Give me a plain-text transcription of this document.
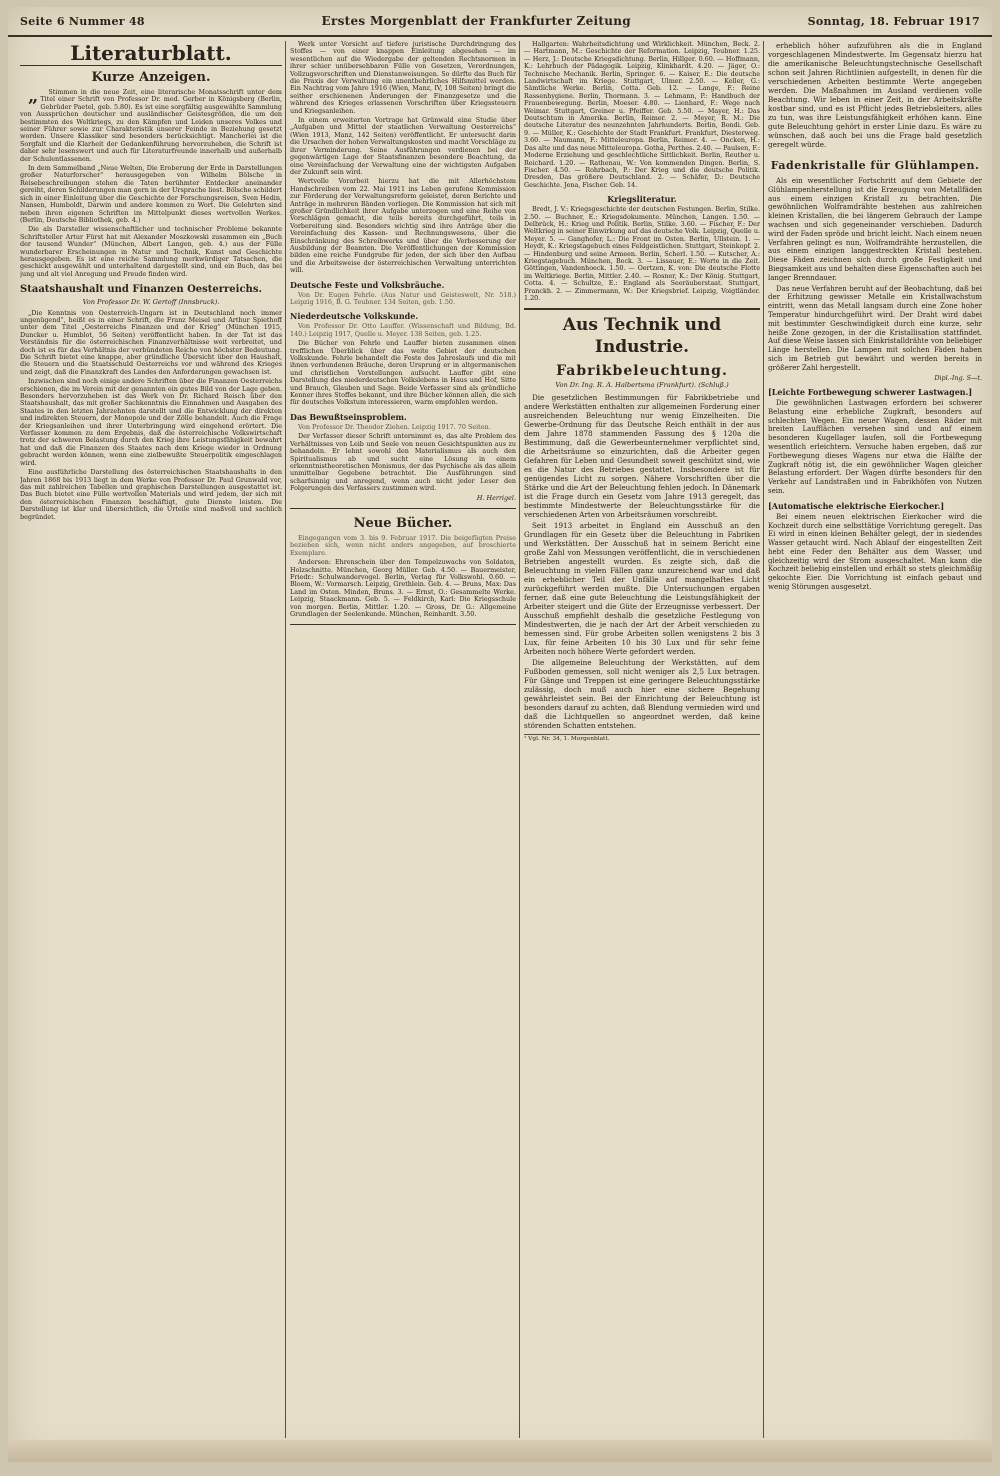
Seite 6 Nummer 48	Erstes Morgenblatt der Frankfurter Zeitung	Sonntag, 18. Februar 1917
Literaturblatt.
Kurze Anzeigen.

„ Stimmen in die neue Zeit, eine literarische Monatsschrift unter dem Titel einer Schrift von Professor Dr. med. Gerber in Königsberg (Berlin, Gebrüder Paetel, geb. 5.80). Es ist eine sorgfältig ausgewählte Sammlung von Aussprüchen deutscher und ausländischer Geistesgrößen, die um den bestimmten des Weltkriegs, zu den Kämpfen und Leiden unseres Volkes und seiner Führer sowie zur Charakteristik unserer Feinde in Beziehung gesetzt worden. Unsere Klassiker sind besonders berücksichtigt. Mancherlei ist die Sorgfalt und die Klarheit der Gedankenführung hervorzuheben, die Schrift ist daher sehr lesenswert und auch für Literaturfreunde innerhalb und außerhalb der Schulentlassenen.

In dem Sammelband „Neue Welten, Die Eroberung der Erde in Darstellungen großer Naturforscher“ herausgegeben von Wilhelm Bölsche in Reisebeschreibungen stehen die Taten berühmter Entdecker aneinander gereiht, deren Schilderungen man gern in der Ursprache liest. Bölsche schildert sich in einer Einleitung über die Geschichte der Forschungsreisen, Sven Hedin, Nansen, Humboldt, Darwin und andere kommen zu Wort. Die Gelehrten sind neben ihren eigenen Schriften im Mittelpunkt dieses wertvollen Werkes. (Berlin, Deutsche Bibliothek, geb. 4.)

Die als Darsteller wissenschaftlicher und technischer Probleme bekannte Schriftsteller Artur Fürst hat mit Alexander Moszkowski zusammen ein „Buch der tausend Wunder“ (München, Albert Langen, geb. 4.) aus der Fülle wunderbarer Erscheinungen in Natur und Technik, Kunst und Geschichte herausgegeben. Es ist eine reiche Sammlung merkwürdiger Tatsachen, die geschickt ausgewählt und unterhaltend dargestellt sind, und ein Buch, das bei jung und alt viel Anregung und Freude finden wird.

Staatshaushalt und Finanzen Oesterreichs.
Von Professor Dr. W. Gertoff (Innsbruck).

„Die Kenntnis von Oesterreich-Ungarn ist in Deutschland noch immer ungenügend“, heißt es in einer Schrift, die Franz Meisel und Arthur Spiethoff unter dem Titel „Oesterreichs Finanzen und der Krieg“ (München 1915, Duncker u. Humblot, 56 Seiten) veröffentlicht haben. In der Tat ist das Verständnis für die österreichischen Finanzverhältnisse weit verbreitet, und doch ist es für das Verhältnis der verbündeten Reiche von höchster Bedeutung. Die Schrift bietet eine knappe, aber gründliche Übersicht über den Haushalt, die Steuern und die Staatsschuld Oesterreichs vor und während des Krieges und zeigt, daß die Finanzkraft des Landes den Anforderungen gewachsen ist.

Inzwischen sind noch einige andere Schriften über die Finanzen Oesterreichs erschienen, die im Verein mit der genannten ein gutes Bild von der Lage geben. Besonders hervorzuheben ist das Werk von Dr. Richard Reisch über den Staatshaushalt, das mit großer Sachkenntnis die Einnahmen und Ausgaben des Staates in den letzten Jahrzehnten darstellt und die Entwicklung der direkten und indirekten Steuern, der Monopole und der Zölle behandelt. Auch die Frage der Kriegsanleihen und ihrer Unterbringung wird eingehend erörtert. Die Verfasser kommen zu dem Ergebnis, daß die österreichische Volkswirtschaft trotz der schweren Belastung durch den Krieg ihre Leistungsfähigkeit bewahrt hat und daß die Finanzen des Staates nach dem Kriege wieder in Ordnung gebracht werden können, wenn eine zielbewußte Steuerpolitik eingeschlagen wird.

Eine ausführliche Darstellung des österreichischen Staatshaushalts in den Jahren 1868 bis 1913 liegt in dem Werke von Professor Dr. Paul Grunwald vor, das mit zahlreichen Tabellen und graphischen Darstellungen ausgestattet ist. Das Buch bietet eine Fülle wertvollen Materials und wird jedem, der sich mit den österreichischen Finanzen beschäftigt, gute Dienste leisten. Die Darstellung ist klar und übersichtlich, die Urteile sind maßvoll und sachlich begründet.

Werk unter Vorsicht auf tiefere juristische Durchdringung des Stoffes — von einer knappen Einleitung abgesehen — im wesentlichen auf die Wiedergabe der geltenden Rechtsnormen in ihrer schier unübersehbaren Fülle von Gesetzen, Verordnungen, Vollzugsvorschriften und Dienstanweisungen. So dürfte das Buch für die Praxis der Verwaltung ein unentbehrliches Hilfsmittel werden. Ein Nachtrag vom Jahre 1916 (Wien, Manz, IV, 108 Seiten) bringt die seither erschienenen Änderungen der Finanzgesetze und die während des Krieges erlassenen Vorschriften über Kriegssteuern und Kriegsanleihen.

In einem erweiterten Vortrage hat Grünwald eine Studie über „Aufgaben und Mittel der staatlichen Verwaltung Oesterreichs“ (Wien 1913, Manz, 142 Seiten) veröffentlicht. Er untersucht darin die Ursachen der hohen Verwaltungskosten und macht Vorschläge zu ihrer Verminderung. Seine Ausführungen verdienen bei der gegenwärtigen Lage der Staatsfinanzen besondere Beachtung, da eine Vereinfachung der Verwaltung eine der wichtigsten Aufgaben der Zukunft sein wird.

Wertvolle Vorarbeit hierzu hat die mit Allerhöchstem Handschreiben vom 22. Mai 1911 ins Leben gerufene Kommission zur Förderung der Verwaltungsreform geleistet, deren Berichte und Anträge in mehreren Bänden vorliegen. Die Kommission hat sich mit großer Gründlichkeit ihrer Aufgabe unterzogen und eine Reihe von Vorschlägen gemacht, die teils bereits durchgeführt, teils in Vorbereitung sind. Besonders wichtig sind ihre Anträge über die Vereinfachung des Kassen- und Rechnungswesens, über die Einschränkung des Schreibwerks und über die Verbesserung der Ausbildung der Beamten. Die Veröffentlichungen der Kommission bilden eine reiche Fundgrube für jeden, der sich über den Aufbau und die Arbeitsweise der österreichischen Verwaltung unterrichten will.

Deutsche Feste und Volksbräuche.

Von Dr. Eugen Fehrle. (Aus Natur und Geisteswelt, Nr. 518.) Leipzig 1916, B. G. Teubner. 134 Seiten, geb. 1.50.

Niederdeutsche Volkskunde.

Von Professor Dr. Otto Lauffer. (Wissenschaft und Bildung, Bd. 140.) Leipzig 1917, Quelle u. Meyer. 138 Seiten, geb. 1.25.

Die Bücher von Fehrle und Lauffer bieten zusammen einen trefflichen Überblick über das weite Gebiet der deutschen Volkskunde. Fehrle behandelt die Feste des Jahreslaufs und die mit ihnen verbundenen Bräuche, deren Ursprung er in altgermanischen und christlichen Vorstellungen aufsucht. Lauffer gibt eine Darstellung des niederdeutschen Volkslebens in Haus und Hof, Sitte und Brauch, Glauben und Sage. Beide Verfasser sind als gründliche Kenner ihres Stoffes bekannt, und ihre Bücher können allen, die sich für deutsches Volkstum interessieren, warm empfohlen werden.

Das Bewußtseinsproblem.

Von Professor Dr. Theodor Ziehen. Leipzig 1917. 70 Seiten.

Der Verfasser dieser Schrift unternimmt es, das alte Problem des Verhältnisses von Leib und Seele von neuen Gesichtspunkten aus zu behandeln. Er lehnt sowohl den Materialismus als auch den Spiritualismus ab und sucht eine Lösung in einem erkenntnistheoretischen Monismus, der das Psychische als das allein unmittelbar Gegebene betrachtet. Die Ausführungen sind scharfsinnig und anregend, wenn auch nicht jeder Leser den Folgerungen des Verfassers zustimmen wird.

H. Herrigel.
Neue Bücher.

Eingegangen vom 3. bis 9. Februar 1917. Die beigefügten Preise beziehen sich, wenn nicht anders angegeben, auf broschierte Exemplare.

Andersen: Ehrenschein über den Tempelzuwachs von Soldaten, Holzschnitte. München, Georg Müller. Geb. 4.50. — Bauermeister, Friedr.: Schulwandervogel. Berlin, Verlag für Volkswohl. 0.60. — Bloem, W.: Vormarsch. Leipzig, Grethlein. Geb. 4. — Bruns, Max: Das Land im Osten. Minden, Bruns. 3. — Ernst, O.: Gesammelte Werke. Leipzig, Staackmann. Geb. 5. — Feldkirch, Karl: Die Kriegsschule von morgen. Berlin, Mittler. 1.20. — Gross, Dr. G.: Allgemeine Grundlagen der Seelenkunde. München, Reinhardt. 3.50.

Hallgarten: Wahrheitsdichtung und Wirklichkeit. München, Beck. 2. — Hartmann, M.: Geschichte der Reformation. Leipzig, Teubner. 1.25. — Herz, J.: Deutsche Kriegsdichtung. Berlin, Hillger. 0.60. — Hoffmann, K.: Lehrbuch der Pädagogik. Leipzig, Klinkhardt. 4.20. — Jäger, O.: Technische Mechanik. Berlin, Springer. 6. — Kaiser, E.: Die deutsche Landwirtschaft im Kriege. Stuttgart, Ulmer. 2.50. — Keller, G.: Sämtliche Werke. Berlin, Cotta. Geb. 12. — Lange, F.: Reine Rassenhygiene. Berlin, Thormann. 3. — Lehmann, P.: Handbuch der Frauenbewegung. Berlin, Moeser. 4.80. — Lienhard, F.: Wege nach Weimar. Stuttgart, Greiner u. Pfeiffer. Geb. 5.50. — Mayer, H.: Das Deutschtum in Amerika. Berlin, Reimer. 2. — Meyer, R. M.: Die deutsche Literatur des neunzehnten Jahrhunderts. Berlin, Bondi. Geb. 9. — Müller, K.: Geschichte der Stadt Frankfurt. Frankfurt, Diesterweg. 3.60. — Naumann, F.: Mitteleuropa. Berlin, Reimer. 4. — Oncken, H.: Das alte und das neue Mitteleuropa. Gotha, Perthes. 2.40. — Paulsen, F.: Moderne Erziehung und geschlechtliche Sittlichkeit. Berlin, Reuther u. Reichard. 1.20. — Rathenau, W.: Von kommenden Dingen. Berlin, S. Fischer. 4.50. — Rohrbach, P.: Der Krieg und die deutsche Politik. Dresden, Das größere Deutschland. 2. — Schäfer, D.: Deutsche Geschichte. Jena, Fischer. Geb. 14.

Kriegsliteratur.

Bredt, J. V.: Kriegsgeschichte der deutschen Festungen. Berlin, Stilke. 2.50. — Buchner, E.: Kriegsdokumente. München, Langen. 1.50. — Delbrück, H.: Krieg und Politik. Berlin, Stilke. 3.60. — Fischer, F.: Der Weltkrieg in seiner Einwirkung auf das deutsche Volk. Leipzig, Quelle u. Meyer. 5. — Ganghofer, L.: Die Front im Osten. Berlin, Ullstein. 1. — Heydt, K.: Kriegstagebuch eines Feldgeistlichen. Stuttgart, Steinkopf. 2. — Hindenburg und seine Armeen. Berlin, Scherl. 1.50. — Kutscher, A.: Kriegstagebuch. München, Beck. 3. — Lissauer, E.: Worte in die Zeit. Göttingen, Vandenhoeck. 1.50. — Oertzen, K. von: Die deutsche Flotte im Weltkriege. Berlin, Mittler. 2.40. — Rosner, K.: Der König. Stuttgart, Cotta. 4. — Schultze, E.: England als Seeräuberstaat. Stuttgart, Franckh. 2. — Zimmermann, W.: Der Kriegsbrief. Leipzig, Voigtländer. 1.20.

Aus Technik und Industrie.
Fabrikbeleuchtung.
Von Dr. Ing. R. A. Halbertsma (Frankfurt). (Schluß.)

Die gesetzlichen Bestimmungen für Fabrikbetriebe und andere Werkstätten enthalten zur allgemeinen Forderung einer ausreichenden Beleuchtung nur wenig Einzelheiten. Die Gewerbe-Ordnung für das Deutsche Reich enthält in der aus dem Jahre 1878 stammenden Fassung des § 120a die Bestimmung, daß die Gewerbeunternehmer verpflichtet sind, die Arbeitsräume so einzurichten, daß die Arbeiter gegen Gefahren für Leben und Gesundheit soweit geschützt sind, wie es die Natur des Betriebes gestattet. Insbesondere ist für genügendes Licht zu sorgen. Nähere Vorschriften über die Stärke und die Art der Beleuchtung fehlen jedoch. In Dänemark ist die Frage durch ein Gesetz vom Jahre 1913 geregelt, das bestimmte Mindestwerte der Beleuchtungsstärke für die verschiedenen Arten von Arbeitsräumen vorschreibt.

Seit 1913 arbeitet in England ein Ausschuß an den Grundlagen für ein Gesetz über die Beleuchtung in Fabriken und Werkstätten. Der Ausschuß hat in seinem Bericht eine große Zahl von Messungen veröffentlicht, die in verschiedenen Betrieben angestellt wurden. Es zeigte sich, daß die Beleuchtung in vielen Fällen ganz unzureichend war und daß ein erheblicher Teil der Unfälle auf mangelhaftes Licht zurückgeführt werden mußte. Die Untersuchungen ergaben ferner, daß eine gute Beleuchtung die Leistungsfähigkeit der Arbeiter steigert und die Güte der Erzeugnisse verbessert. Der Ausschuß empfiehlt deshalb die gesetzliche Festlegung von Mindestwerten, die je nach der Art der Arbeit verschieden zu bemessen sind. Für grobe Arbeiten sollen wenigstens 2 bis 3 Lux, für feine Arbeiten 10 bis 30 Lux und für sehr feine Arbeiten noch höhere Werte gefordert werden.

Die allgemeine Beleuchtung der Werkstätten, auf dem Fußboden gemessen, soll nicht weniger als 2,5 Lux betragen. Für Gänge und Treppen ist eine geringere Beleuchtungsstärke zulässig, doch muß auch hier eine sichere Begehung gewährleistet sein. Bei der Einrichtung der Beleuchtung ist besonders darauf zu achten, daß Blendung vermieden wird und daß die Lichtquellen so angeordnet werden, daß keine störenden Schatten entstehen.

¹ Vgl. Nr. 34, 1. Morgenblatt.

erheblich höher aufzuführen als die in England vorgeschlagenen Mindestwerte. Im Gegensatz hierzu hat die amerikanische Beleuchtungstechnische Gesellschaft schon seit Jahren Richtlinien aufgestellt, in denen für die verschiedenen Arbeiten bestimmte Werte angegeben werden. Die Maßnahmen im Ausland verdienen volle Beachtung. Wir leben in einer Zeit, in der Arbeitskräfte kostbar sind, und es ist Pflicht jedes Betriebsleiters, alles zu tun, was ihre Leistungsfähigkeit erhöhen kann. Eine gute Beleuchtung gehört in erster Linie dazu. Es wäre zu wünschen, daß auch bei uns die Frage bald gesetzlich geregelt würde.

Fadenkristalle für Glühlampen.

Als ein wesentlicher Fortschritt auf dem Gebiete der Glühlampenherstellung ist die Erzeugung von Metallfäden aus einem einzigen Kristall zu betrachten. Die gewöhnlichen Wolframdrähte bestehen aus zahlreichen kleinen Kristallen, die bei längerem Gebrauch der Lampe wachsen und sich gegeneinander verschieben. Dadurch wird der Faden spröde und bricht leicht. Nach einem neuen Verfahren gelingt es nun, Wolframdrähte herzustellen, die aus einem einzigen langgestreckten Kristall bestehen. Diese Fäden zeichnen sich durch große Festigkeit und Biegsamkeit aus und behalten diese Eigenschaften auch bei langer Brenndauer.

Das neue Verfahren beruht auf der Beobachtung, daß bei der Erhitzung gewisser Metalle ein Kristallwachstum eintritt, wenn das Metall langsam durch eine Zone hoher Temperatur hindurchgeführt wird. Der Draht wird dabei mit bestimmter Geschwindigkeit durch eine kurze, sehr heiße Zone gezogen, in der die Kristallisation stattfindet. Auf diese Weise lassen sich Einkristalldrähte von beliebiger Länge herstellen. Die Lampen mit solchen Fäden haben sich im Betrieb gut bewährt und werden bereits in größerer Zahl hergestellt.

Dipl.-Ing. S—t.
[Leichte Fortbewegung schwerer Lastwagen.]

Die gewöhnlichen Lastwagen erfordern bei schwerer Belastung eine erhebliche Zugkraft, besonders auf schlechten Wegen. Ein neuer Wagen, dessen Räder mit breiten Laufflächen versehen sind und auf einem besonderen Kugellager laufen, soll die Fortbewegung wesentlich erleichtern. Versuche haben ergeben, daß zur Fortbewegung dieses Wagens nur etwa die Hälfte der Zugkraft nötig ist, die ein gewöhnlicher Wagen gleicher Belastung erfordert. Der Wagen dürfte besonders für den Verkehr auf Landstraßen und in Fabrikhöfen von Nutzen sein.

[Automatische elektrische Eierkocher.]

Bei einem neuen elektrischen Eierkocher wird die Kochzeit durch eine selbsttätige Vorrichtung geregelt. Das Ei wird in einen kleinen Behälter gelegt, der in siedendes Wasser getaucht wird. Nach Ablauf der eingestellten Zeit hebt eine Feder den Behälter aus dem Wasser, und gleichzeitig wird der Strom ausgeschaltet. Man kann die Kochzeit beliebig einstellen und erhält so stets gleichmäßig gekochte Eier. Die Vorrichtung ist einfach gebaut und wenig Störungen ausgesetzt.
